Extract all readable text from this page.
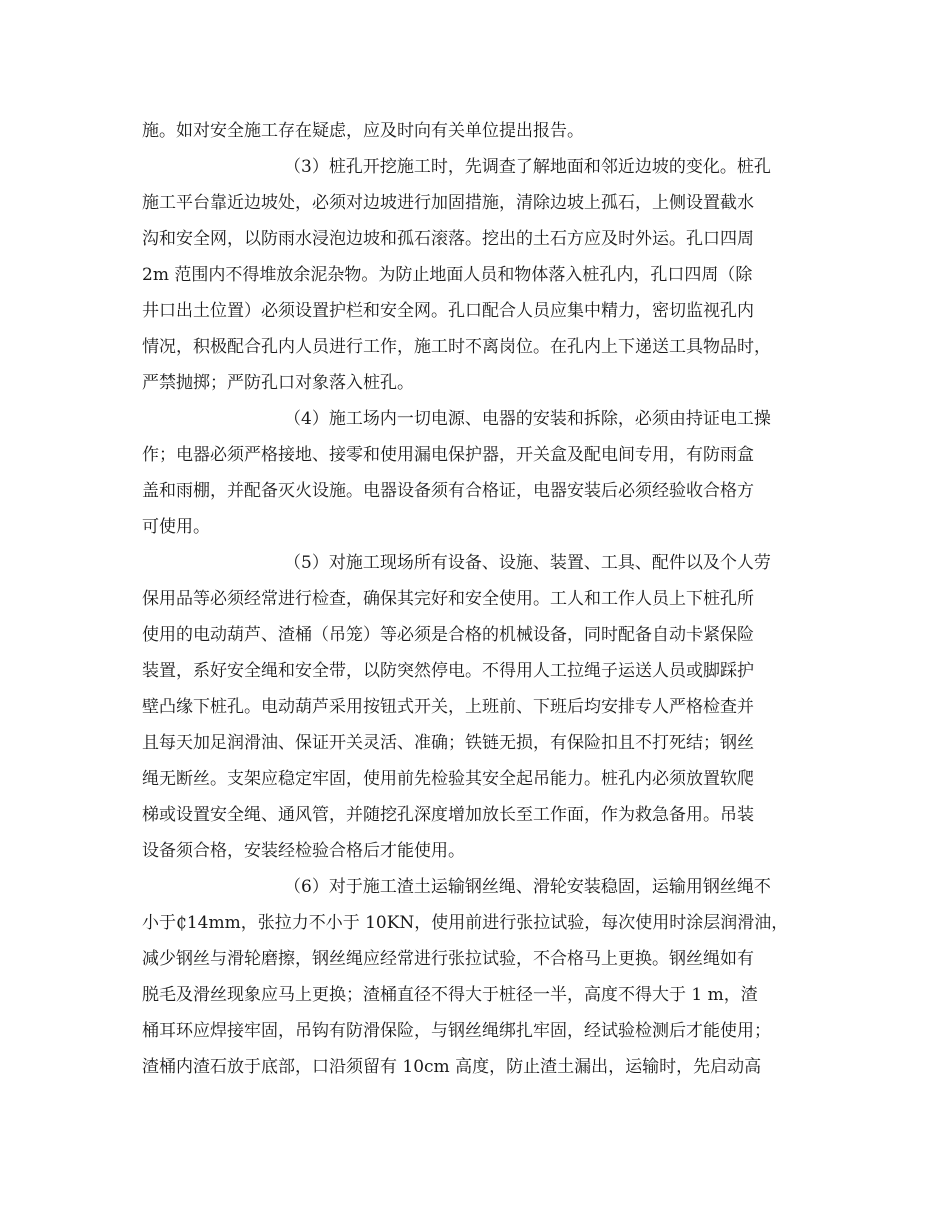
施。如对安全施工存在疑虑，应及时向有关单位提出报告。
（3）桩孔开挖施工时，先调查了解地面和邻近边坡的变化。桩孔
施工平台靠近边坡处，必须对边坡进行加固措施，清除边坡上孤石，上侧设置截水
沟和安全网，以防雨水浸泡边坡和孤石滚落。挖出的土石方应及时外运。孔口四周
2m 范围内不得堆放余泥杂物。为防止地面人员和物体落入桩孔内，孔口四周（除
井口出土位置）必须设置护栏和安全网。孔口配合人员应集中精力，密切监视孔内
情况，积极配合孔内人员进行工作，施工时不离岗位。在孔内上下递送工具物品时，
严禁抛掷；严防孔口对象落入桩孔。
（4）施工场内一切电源、电器的安装和拆除，必须由持证电工操
作；电器必须严格接地、接零和使用漏电保护器，开关盒及配电间专用，有防雨盒
盖和雨棚，并配备灭火设施。电器设备须有合格证，电器安装后必须经验收合格方
可使用。
（5）对施工现场所有设备、设施、装置、工具、配件以及个人劳
保用品等必须经常进行检查，确保其完好和安全使用。工人和工作人员上下桩孔所
使用的电动葫芦、渣桶（吊笼）等必须是合格的机械设备，同时配备自动卡紧保险
装置，系好安全绳和安全带，以防突然停电。不得用人工拉绳子运送人员或脚踩护
壁凸缘下桩孔。电动葫芦采用按钮式开关，上班前、下班后均安排专人严格检查并
且每天加足润滑油、保证开关灵活、准确；铁链无损，有保险扣且不打死结；钢丝
绳无断丝。支架应稳定牢固，使用前先检验其安全起吊能力。桩孔内必须放置软爬
梯或设置安全绳、通风管，并随挖孔深度增加放长至工作面，作为救急备用。吊装
设备须合格，安装经检验合格后才能使用。
（6）对于施工渣土运输钢丝绳、滑轮安装稳固，运输用钢丝绳不
小于₵14mm，张拉力不小于 10KN，使用前进行张拉试验，每次使用时涂层润滑油，
减少钢丝与滑轮磨擦，钢丝绳应经常进行张拉试验，不合格马上更换。钢丝绳如有
脱毛及滑丝现象应马上更换；渣桶直径不得大于桩径一半，高度不得大于 1 m，渣
桶耳环应焊接牢固，吊钩有防滑保险，与钢丝绳绑扎牢固，经试验检测后才能使用；
渣桶内渣石放于底部，口沿须留有 10cm 高度，防止渣土漏出，运输时，先启动高
